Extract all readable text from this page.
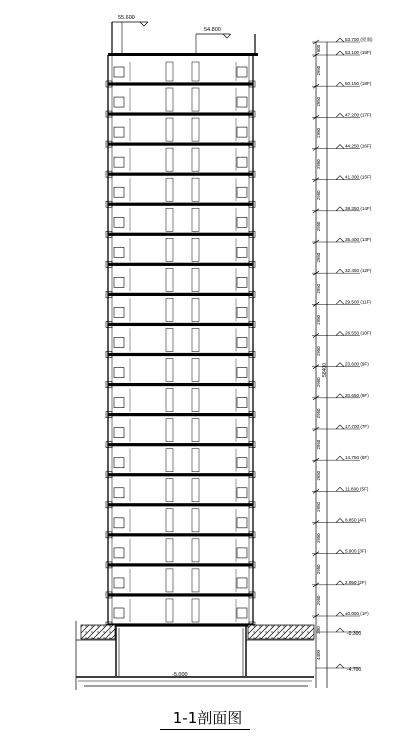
55.600
54.800
58400
600
2950
2950
2950
2950
2950
2950
2950
2950
2950
2950
2950
2950
2950
2950
2950
2950
2950
2950
53.700 (屋面)
53.100 (19F)
50.150 (18F)
47.200 (17F)
44.250 (16F)
41.300 (15F)
38.350 (14F)
35.400 (13F)
32.450 (12F)
29.500 (11F)
26.550 (10F)
23.600 (9F)
20.650 (8F)
17.700 (7F)
14.750 (6F)
11.800 (5F)
8.850 (4F)
5.900 (3F)
2.950 (2F)
±0.000 (1F)
-5.000
-0.300
-4.700
300
4400
1-1剖面图
